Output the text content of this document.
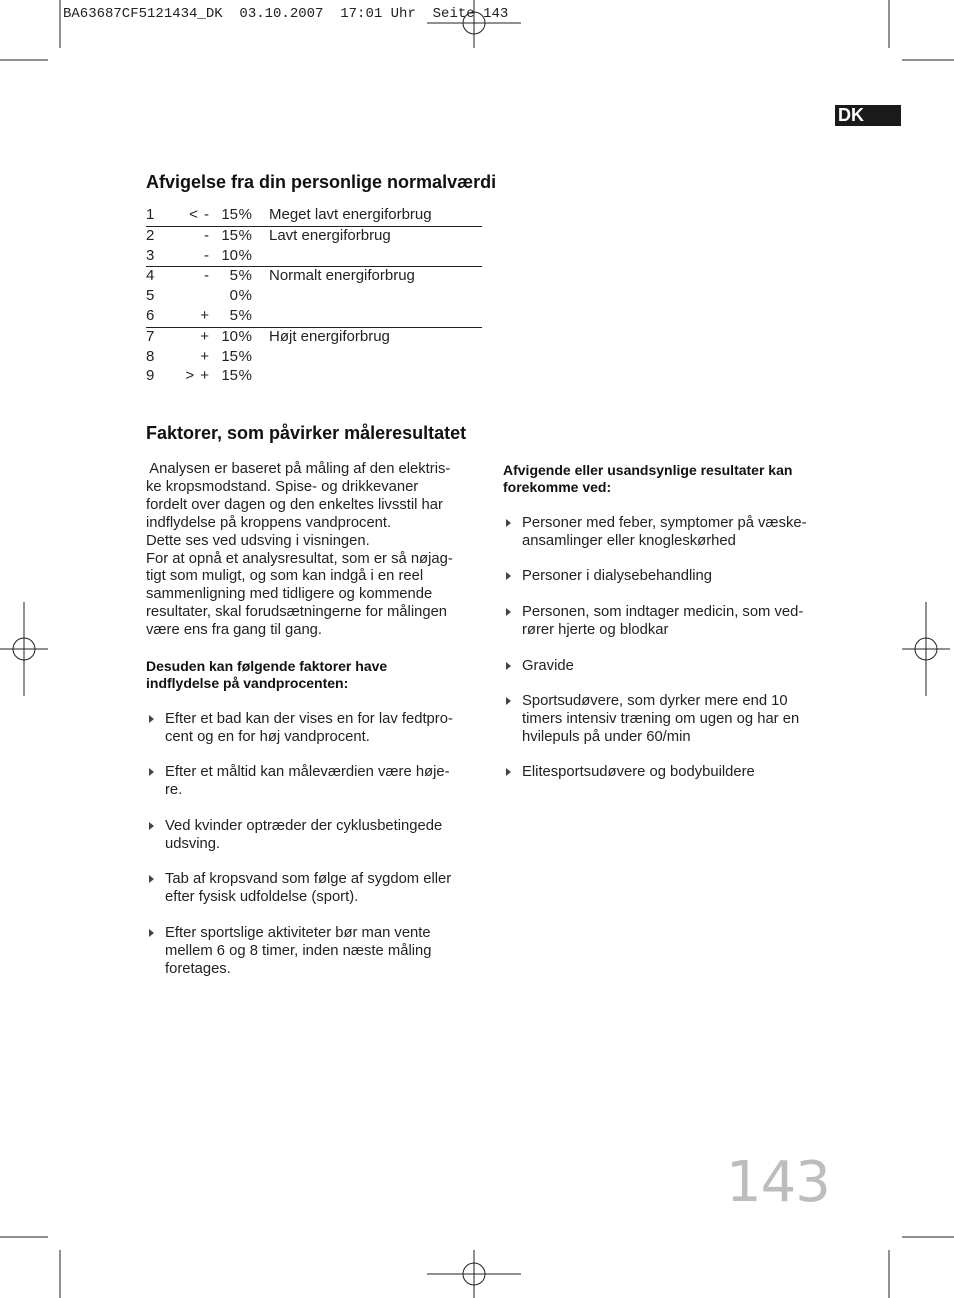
BA63687CF5121434_DK  03.10.2007  17:01 Uhr  Seite 143
DK
Afvigelse fra din personlige normalværdi
1	< - 15 % Meget lavt energiforbrug
2	- 15 % Lavt energiforbrug
3	- 10 %
4	-	5 % Normalt energiforbrug
5	0 %
6	+	5 %
7	+ 10 % Højt energiforbrug
8	+ 15 %
9	> + 15 %
Faktorer, som påvirker måleresultatet
Analysen er baseret på måling af den elektris-
ke kropsmodstand. Spise- og drikkevaner
fordelt over dagen og den enkeltes livsstil har
indflydelse på kroppens vandprocent.
Dette ses ved udsving i visningen.
For at opnå et analysresultat, som er så nøjag-
tigt som muligt, og som kan indgå i en reel
sammenligning med tidligere og kommende
resultater, skal forudsætningerne for målingen
være ens fra gang til gang.
Desuden kan følgende faktorer have
indflydelse på vandprocenten:
Efter et bad kan der vises en for lav fedtpro-
cent og en for høj vandprocent.
Efter et måltid kan måleværdien være høje-
re.
Ved kvinder optræder der cyklusbetingede
udsving.
Tab af kropsvand som følge af sygdom eller
efter fysisk udfoldelse (sport).
Efter sportslige aktiviteter bør man vente
mellem 6 og 8 timer, inden næste måling
foretages.
Afvigende eller usandsynlige resultater kan
forekomme ved:
Personer med feber, symptomer på væske-
ansamlinger eller knogleskørhed
Personer i dialysebehandling
Personen, som indtager medicin, som ved-
rører hjerte og blodkar
Gravide
Sportsudøvere, som dyrker mere end 10
timers intensiv træning om ugen og har en
hvilepuls på under 60/min
Elitesportsudøvere og bodybuildere
143
